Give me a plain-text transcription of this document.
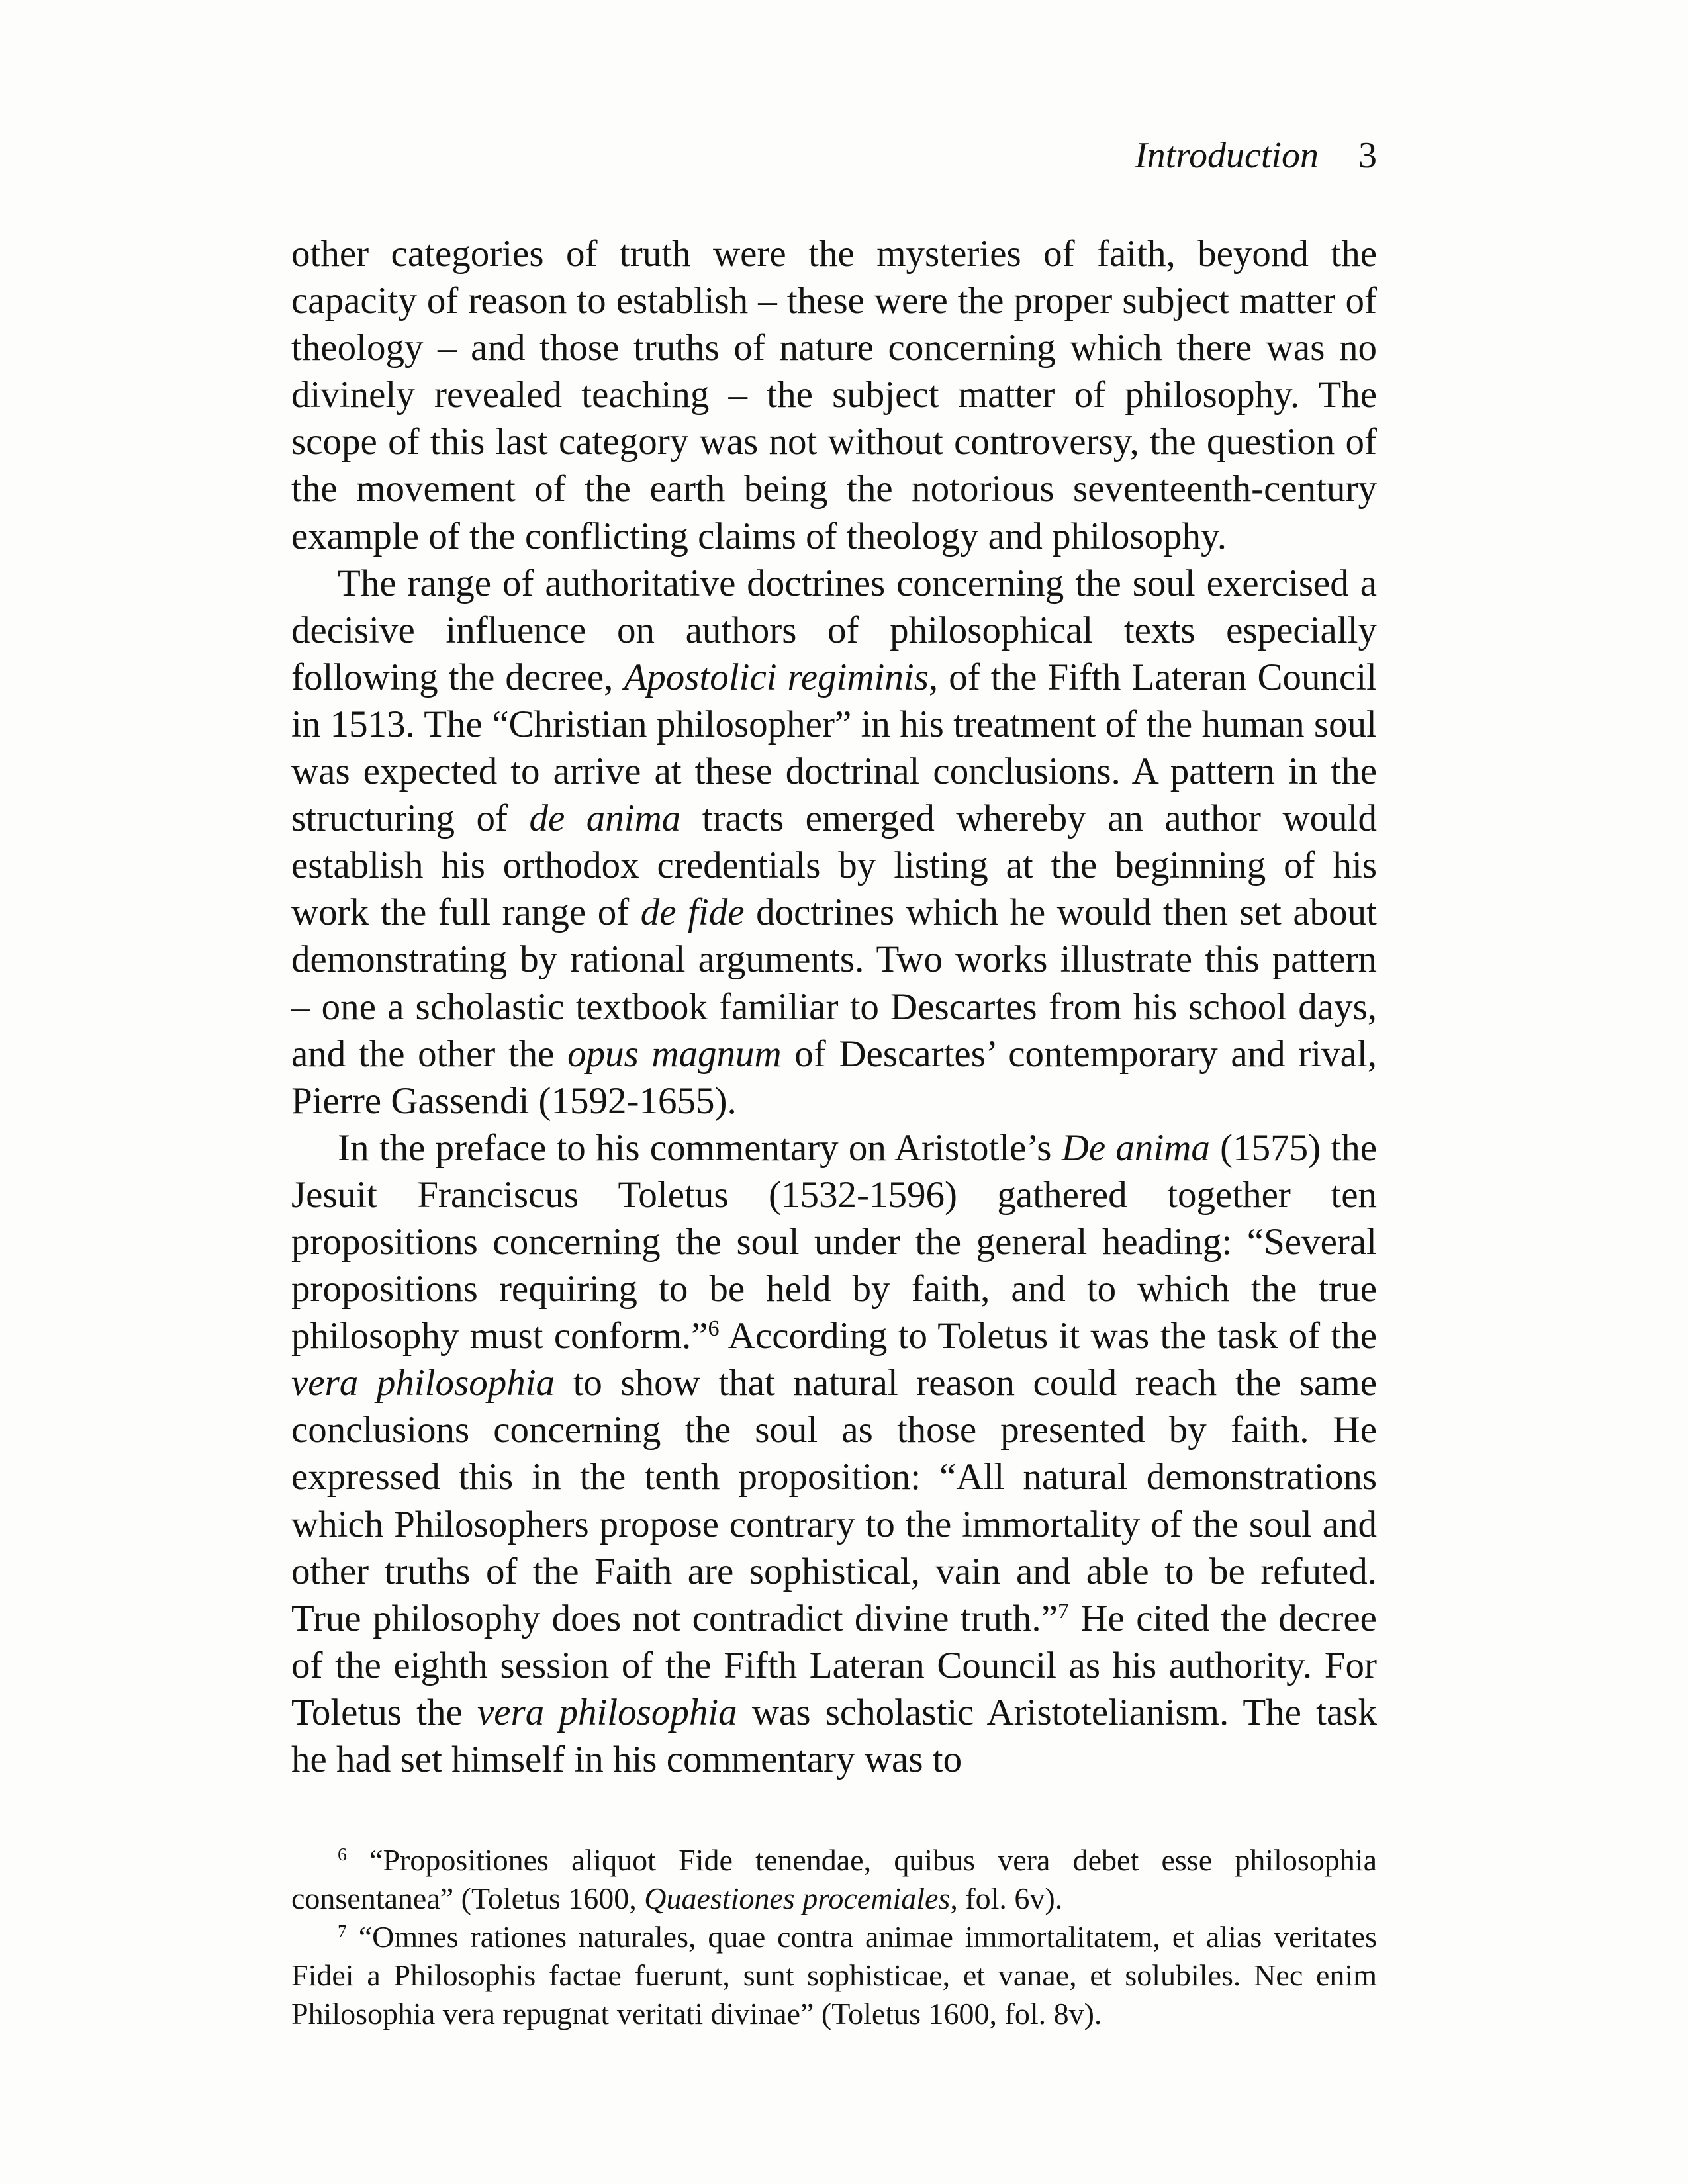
Introduction 3

other categories of truth were the mysteries of faith, beyond the capacity of reason to establish – these were the proper subject matter of theology – and those truths of nature concerning which there was no divinely revealed teaching – the subject matter of philosophy. The scope of this last category was not without controversy, the question of the movement of the earth being the notorious seventeenth-century example of the conflicting claims of theology and philosophy.

The range of authoritative doctrines concerning the soul exercised a decisive influence on authors of philosophical texts especially following the decree, Apostolici regiminis, of the Fifth Lateran Council in 1513. The “Christian philosopher” in his treatment of the human soul was expected to arrive at these doctrinal conclusions. A pattern in the structuring of de anima tracts emerged whereby an author would establish his orthodox credentials by listing at the beginning of his work the full range of de fide doctrines which he would then set about demonstrating by rational arguments. Two works illustrate this pattern – one a scholastic textbook familiar to Descartes from his school days, and the other the opus magnum of Descartes’ contemporary and rival, Pierre Gassendi (1592-1655).

In the preface to his commentary on Aristotle’s De anima (1575) the Jesuit Franciscus Toletus (1532-1596) gathered together ten propositions concerning the soul under the general heading: “Several propositions requiring to be held by faith, and to which the true philosophy must conform.”$^6$ According to Toletus it was the task of the vera philosophia to show that natural reason could reach the same conclusions concerning the soul as those presented by faith. He expressed this in the tenth proposition: “All natural demonstrations which Philosophers propose contrary to the immortality of the soul and other truths of the Faith are sophistical, vain and able to be refuted. True philosophy does not contradict divine truth.”$^7$ He cited the decree of the eighth session of the Fifth Lateran Council as his authority. For Toletus the vera philosophia was scholastic Aristotelianism. The task he had set himself in his commentary was to

$^6$ “Propositiones aliquot Fide tenendae, quibus vera debet esse philosophia consentanea” (Toletus 1600, Quaestiones procemiales, fol. 6v).

$^7$ “Omnes rationes naturales, quae contra animae immortalitatem, et alias veritates Fidei a Philosophis factae fuerunt, sunt sophisticae, et vanae, et solubiles. Nec enim Philosophia vera repugnat veritati divinae” (Toletus 1600, fol. 8v).
